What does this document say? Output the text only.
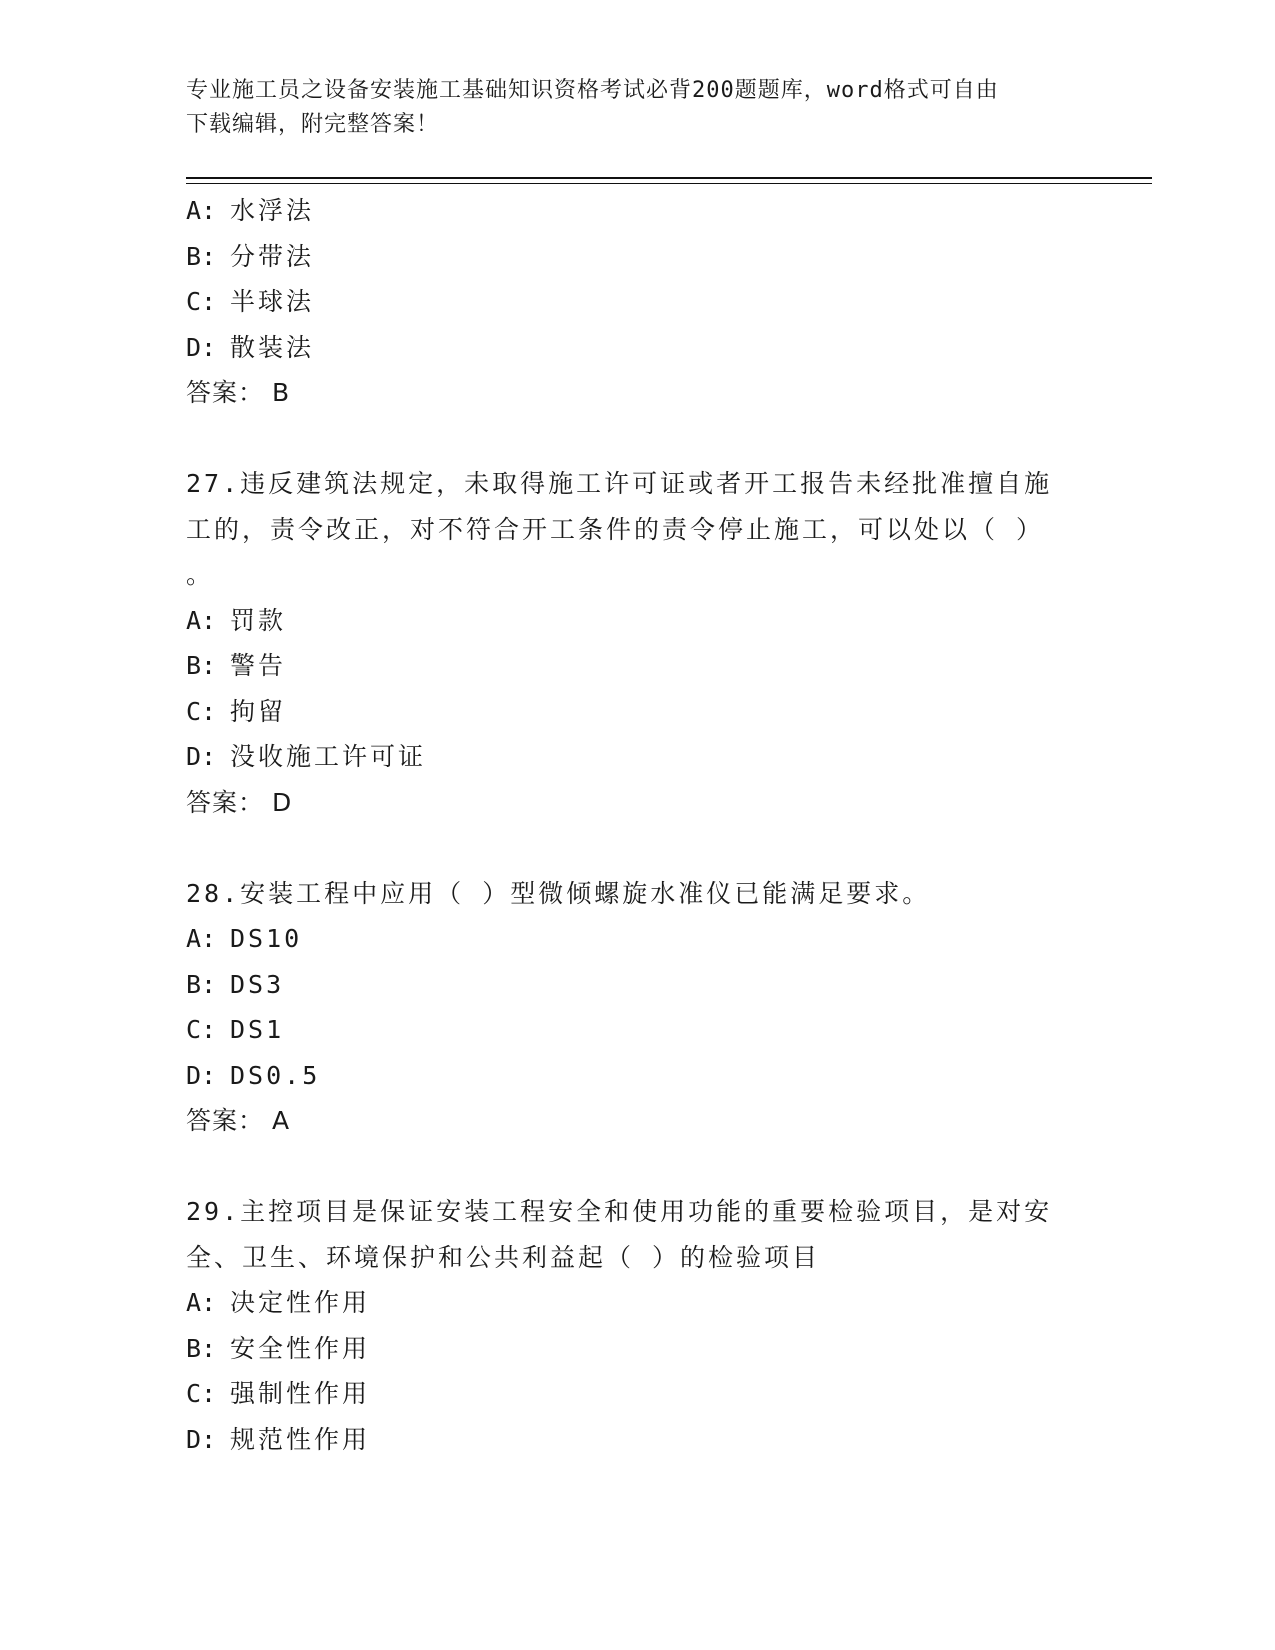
专业施工员之设备安装施工基础知识资格考试必背200题题库，word格式可自由
下载编辑，附完整答案！
A: 水浮法
B: 分带法
C: 半球法
D: 散装法
答案： B
27.违反建筑法规定，未取得施工许可证或者开工报告未经批准擅自施
工的，责令改正，对不符合开工条件的责令停止施工，可以处以（ ）
。
A: 罚款
B: 警告
C: 拘留
D: 没收施工许可证
答案： D
28.安装工程中应用（ ）型微倾螺旋水准仪已能满足要求。
A: DS10
B: DS3
C: DS1
D: DS0.5
答案： A
29.主控项目是保证安装工程安全和使用功能的重要检验项目，是对安
全、卫生、环境保护和公共利益起（ ）的检验项目
A: 决定性作用
B: 安全性作用
C: 强制性作用
D: 规范性作用
